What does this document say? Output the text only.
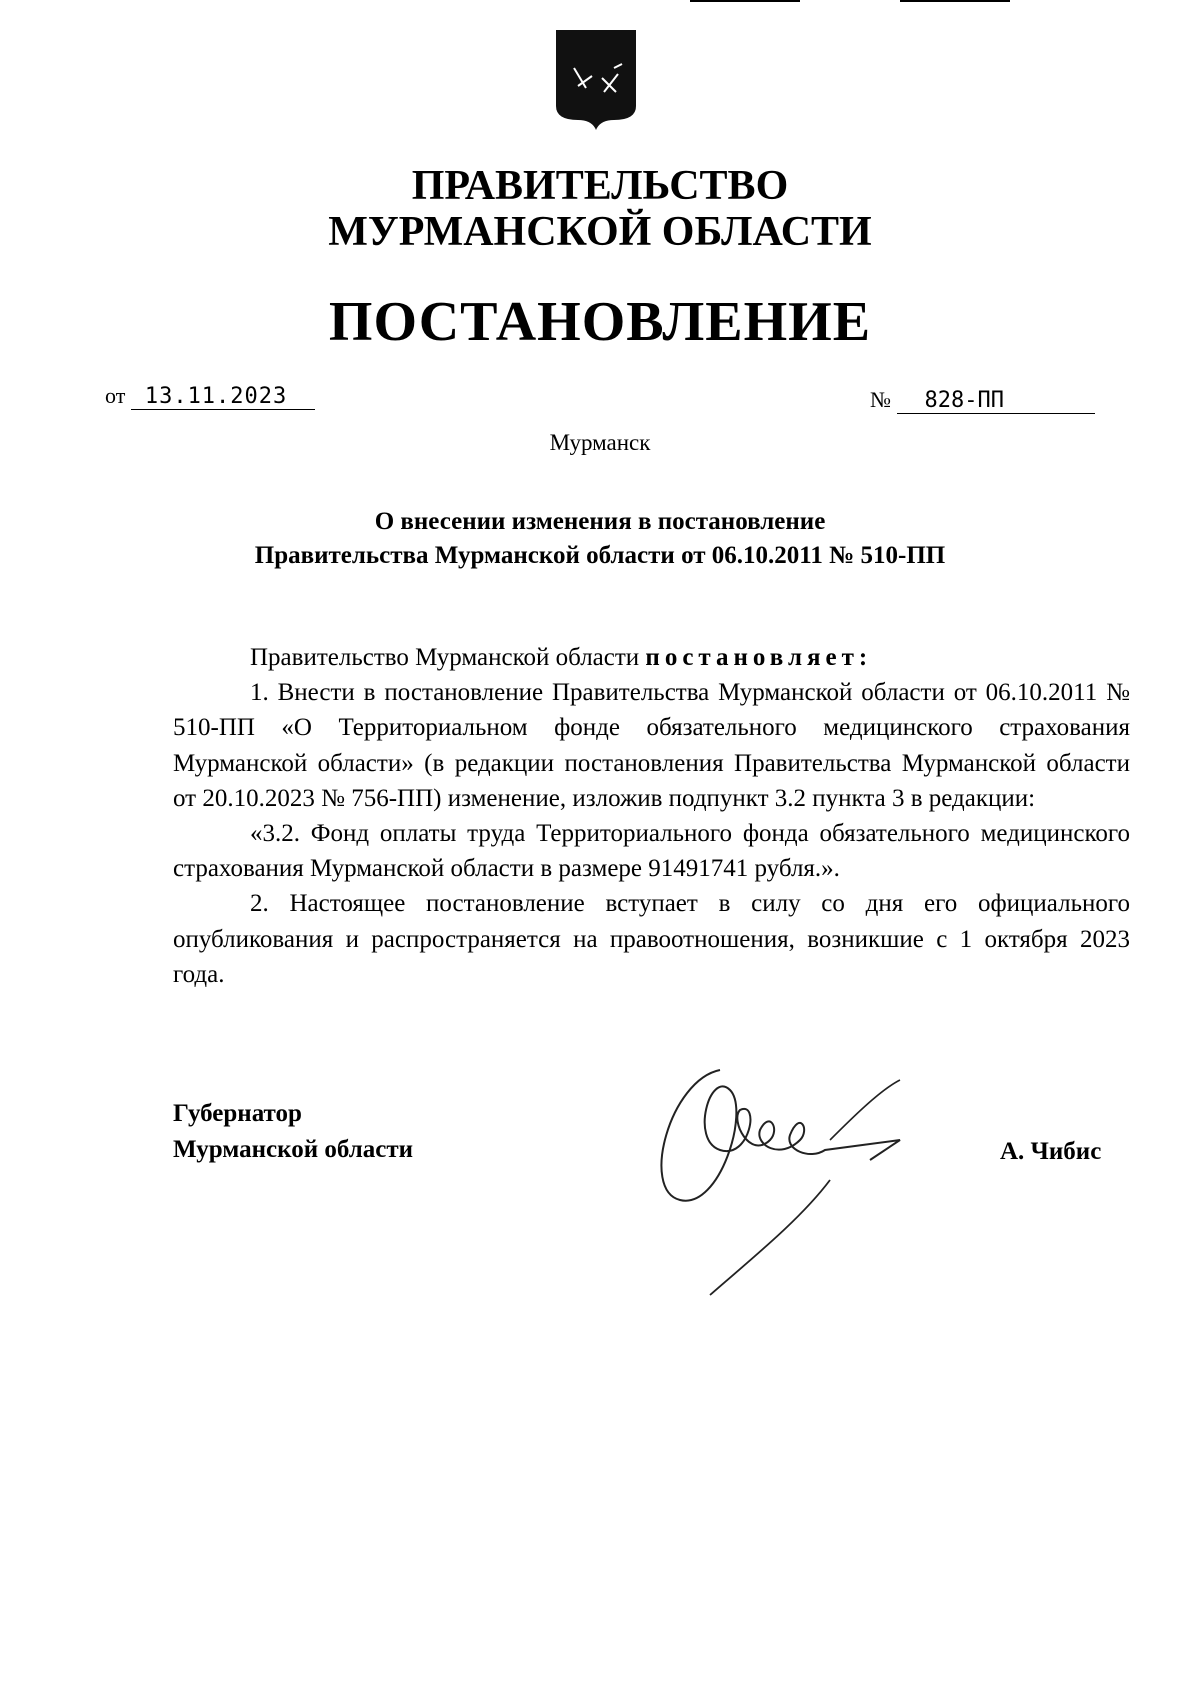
ПРАВИТЕЛЬСТВО
МУРМАНСКОЙ ОБЛАСТИ
ПОСТАНОВЛЕНИЕ
от 13.11.2023	№ 828-ПП
Мурманск
О внесении изменения в постановление
Правительства Мурманской области от 06.10.2011 № 510-ПП

Правительство Мурманской области постановляет:

1. Внести в постановление Правительства Мурманской области от 06.10.2011 № 510-ПП «О Территориальном фонде обязательного медицинского страхования Мурманской области» (в редакции постановления Правительства Мурманской области от 20.10.2023 № 756-ПП) изменение, изложив подпункт 3.2 пункта 3 в редакции:

«3.2. Фонд оплаты труда Территориального фонда обязательного медицинского страхования Мурманской области в размере 91491741 рубля.».

2. Настоящее постановление вступает в силу со дня его официального опубликования и распространяется на правоотношения, возникшие с 1 октября 2023 года.

Губернатор
Мурманской области	А. Чибис
